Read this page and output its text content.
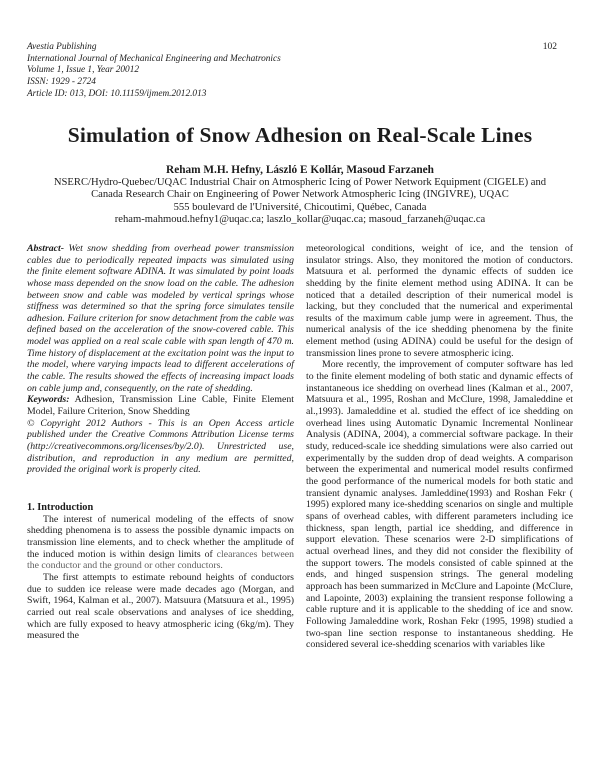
Avestia Publishing
International Journal of Mechanical Engineering and Mechatronics
Volume 1, Issue 1, Year 20012
ISSN: 1929 - 2724
Article ID: 013, DOI: 10.11159/ijmem.2012.013
102
Simulation of Snow Adhesion on Real-Scale Lines
Reham M.H. Hefny, László E Kollár, Masoud Farzaneh
NSERC/Hydro-Quebec/UQAC Industrial Chair on Atmospheric Icing of Power Network Equipment (CIGELE) and
Canada Research Chair on Engineering of Power Network Atmospheric Icing (INGIVRE), UQAC
555 boulevard de l'Université, Chicoutimi, Québec, Canada
reham-mahmoud.hefny1@uqac.ca; laszlo_kollar@uqac.ca; masoud_farzaneh@uqac.ca

Abstract- Wet snow shedding from overhead power transmission cables due to periodically repeated impacts was simulated using the finite element software ADINA. It was simulated by point loads whose mass depended on the snow load on the cable. The adhesion between snow and cable was modeled by vertical springs whose stiffness was determined so that the spring force simulates tensile adhesion. Failure criterion for snow detachment from the cable was defined based on the acceleration of the snow-covered cable. This model was applied on a real scale cable with span length of 470 m. Time history of displacement at the excitation point was the input to the model, where varying impacts lead to different accelerations of the cable. The results showed the effects of increasing impact loads on cable jump and, consequently, on the rate of shedding.

Keywords: Adhesion, Transmission Line Cable, Finite Element Model, Failure Criterion, Snow Shedding

© Copyright 2012 Authors - This is an Open Access article published under the Creative Commons Attribution License terms (http://creativecommons.org/licenses/by/2.0). Unrestricted use, distribution, and reproduction in any medium are permitted, provided the original work is properly cited.

1. Introduction

The interest of numerical modeling of the effects of snow shedding phenomena is to assess the possible dynamic impacts on transmission line elements, and to check whether the amplitude of the induced motion is within design limits of clearances between the conductor and the ground or other conductors.

The first attempts to estimate rebound heights of conductors due to sudden ice release were made decades ago (Morgan, and Swift, 1964, Kalman et al., 2007). Matsuura (Matsuura et al., 1995) carried out real scale observations and analyses of ice shedding, which are fully exposed to heavy atmospheric icing (6kg/m). They measured the

meteorological conditions, weight of ice, and the tension of insulator strings. Also, they monitored the motion of conductors. Matsuura et al. performed the dynamic effects of sudden ice shedding by the finite element method using ADINA. It can be noticed that a detailed description of their numerical model is lacking, but they concluded that the numerical and experimental results of the maximum cable jump were in agreement. Thus, the numerical analysis of the ice shedding phenomena by the finite element method (using ADINA) could be useful for the design of transmission lines prone to severe atmospheric icing.

More recently, the improvement of computer software has led to the finite element modeling of both static and dynamic effects of instantaneous ice shedding on overhead lines (Kalman et al., 2007, Matsuura et al., 1995, Roshan and McClure, 1998, Jamaleddine et al.,1993). Jamaleddine et al. studied the effect of ice shedding on overhead lines using Automatic Dynamic Incremental Nonlinear Analysis (ADINA, 2004), a commercial software package. In their study, reduced-scale ice shedding simulations were also carried out experimentally by the sudden drop of dead weights. A comparison between the experimental and numerical model results confirmed the good performance of the numerical models for both static and transient dynamic analyses. Jamleddine(1993) and Roshan Fekr ( 1995) explored many ice-shedding scenarios on single and multiple spans of overhead cables, with different parameters including ice thickness, span length, partial ice shedding, and difference in support elevation. These scenarios were 2-D simplifications of actual overhead lines, and they did not consider the flexibility of the support towers. The models consisted of cable spinned at the ends, and hinged suspension strings. The general modeling approach has been summarized in McClure and Lapointe (McClure, and Lapointe, 2003) explaining the transient response following a cable rupture and it is applicable to the shedding of ice and snow. Following Jamaleddine work, Roshan Fekr (1995, 1998) studied a two-span line section response to instantaneous shedding. He considered several ice-shedding scenarios with variables like
